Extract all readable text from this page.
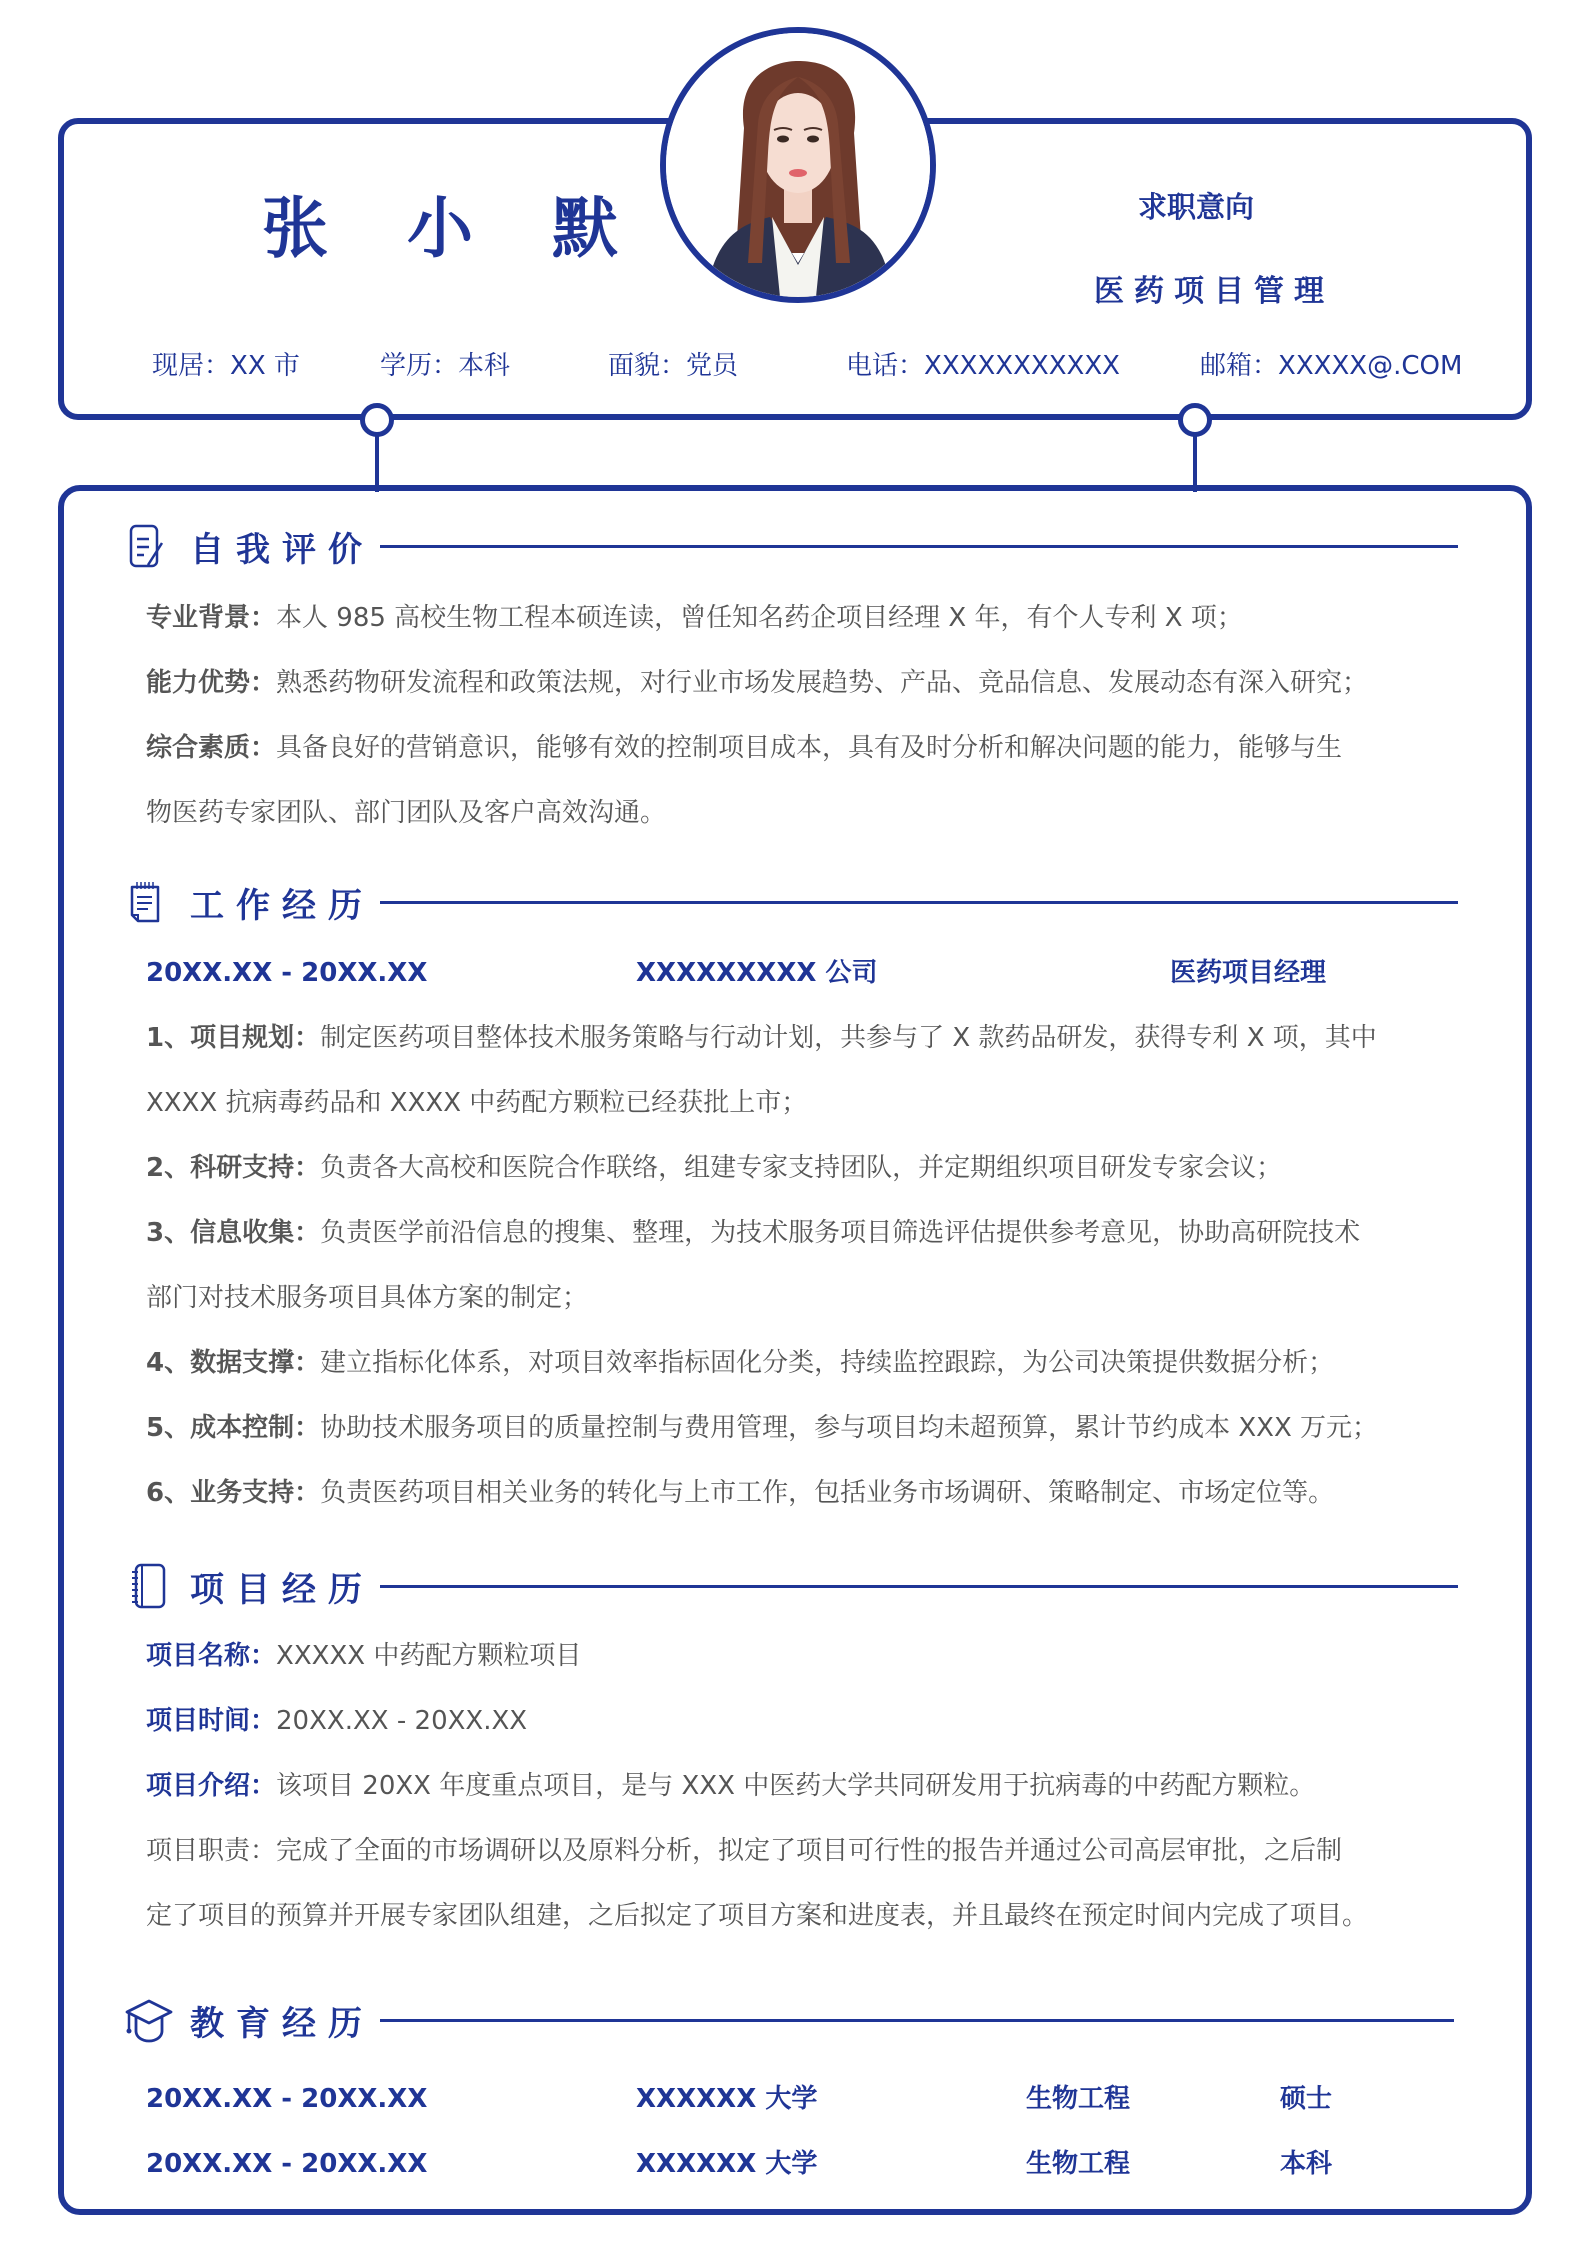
张 小 默	求职意向
医药项目管理
现居：XX 市	学历：本科	面貌：党员	电话：XXXXXXXXXXX	邮箱：XXXXX@.COM
自我评价
专业背景：本人 985 高校生物工程本硕连读，曾任知名药企项目经理 X 年，有个人专利 X 项；
能力优势：熟悉药物研发流程和政策法规，对行业市场发展趋势、产品、竞品信息、发展动态有深入研究；
综合素质：具备良好的营销意识，能够有效的控制项目成本，具有及时分析和解决问题的能力，能够与生
物医药专家团队、部门团队及客户高效沟通。
工作经历
20XX.XX - 20XX.XX	XXXXXXXXX 公司	医药项目经理
1、项目规划：制定医药项目整体技术服务策略与行动计划，共参与了 X 款药品研发，获得专利 X 项，其中
XXXX 抗病毒药品和 XXXX 中药配方颗粒已经获批上市；
2、科研支持：负责各大高校和医院合作联络，组建专家支持团队，并定期组织项目研发专家会议；
3、信息收集：负责医学前沿信息的搜集、整理，为技术服务项目筛选评估提供参考意见，协助高研院技术
部门对技术服务项目具体方案的制定；
4、数据支撑：建立指标化体系，对项目效率指标固化分类，持续监控跟踪，为公司决策提供数据分析；
5、成本控制：协助技术服务项目的质量控制与费用管理，参与项目均未超预算，累计节约成本 XXX 万元；
6、业务支持：负责医药项目相关业务的转化与上市工作，包括业务市场调研、策略制定、市场定位等。
项目经历
项目名称：XXXXX 中药配方颗粒项目
项目时间：20XX.XX - 20XX.XX
项目介绍：该项目 20XX 年度重点项目，是与 XXX 中医药大学共同研发用于抗病毒的中药配方颗粒。
项目职责：完成了全面的市场调研以及原料分析，拟定了项目可行性的报告并通过公司高层审批，之后制
定了项目的预算并开展专家团队组建，之后拟定了项目方案和进度表，并且最终在预定时间内完成了项目。
教育经历
20XX.XX - 20XX.XX	XXXXXX 大学	生物工程	硕士
20XX.XX - 20XX.XX	XXXXXX 大学	生物工程	本科
